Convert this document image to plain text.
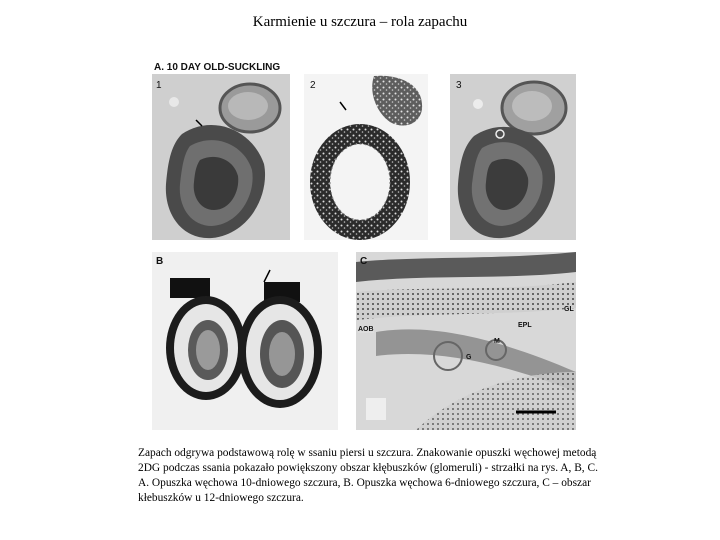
Karmienie u szczura – rola zapachu
A. 10 DAY OLD-SUCKLING
1	2	3
B	C
GL
EPL
AOB
M
G

Zapach odgrywa podstawową rolę w ssaniu piersi u szczura. Znakowanie opuszki węchowej metodą

2DG podczas ssania pokazało powiększony obszar kłębuszków (glomeruli) - strzałki na rys. A, B, C.

A. Opuszka węchowa 10-dniowego szczura, B. Opuszka węchowa 6-dniowego szczura, C – obszar

kłebuszków u 12-dniowego szczura.
